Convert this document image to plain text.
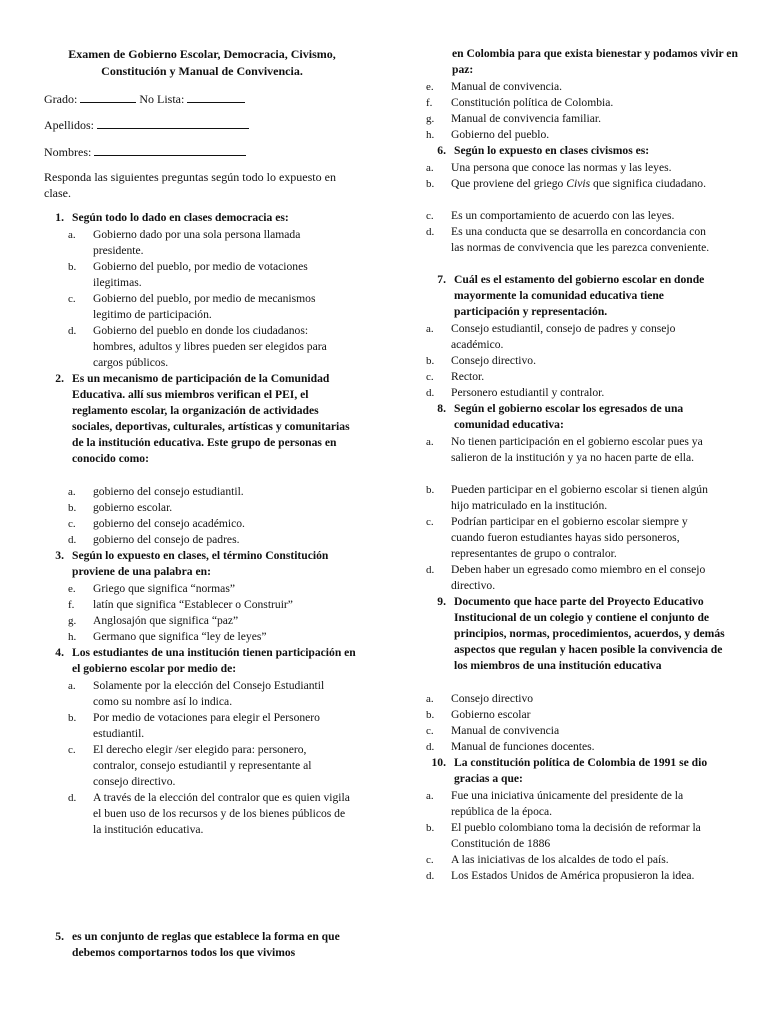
Examen de Gobierno Escolar, Democracia, Civismo,
Constitución y Manual de Convivencia.
Grado:	No Lista:
Apellidos:
Nombres:
Responda las siguientes preguntas según todo lo expuesto en clase.
1. Según todo lo dado en clases democracia es:
a.	Gobierno dado por una sola persona llamada presidente.
b.	Gobierno del pueblo, por medio de votaciones ilegitimas.
c.	Gobierno del pueblo, por medio de mecanismos legitimo de participación.
d.	Gobierno del pueblo en donde los ciudadanos: hombres, adultos y libres pueden ser elegidos para cargos públicos.
2. Es un mecanismo de participación de la Comunidad Educativa. allí sus miembros verifican el PEI, el reglamento escolar, la organización de actividades sociales, deportivas, culturales, artísticas y comunitarias de la institución educativa. Este grupo de personas en conocido como:
a.	gobierno del consejo estudiantil.
b.	gobierno escolar.
c.	gobierno del consejo académico.
d.	gobierno del consejo de padres.
3. Según lo expuesto en clases, el término Constitución proviene de una palabra en:
e.	Griego que significa “normas”
f.	latín que significa “Establecer o Construir”
g.	Anglosajón que significa “paz”
h.	Germano que significa “ley de leyes”
4. Los estudiantes de una institución tienen participación en el gobierno escolar por medio de:
a.	Solamente por la elección del Consejo Estudiantil como su nombre así lo indica.
b.	Por medio de votaciones para elegir el Personero estudiantil.
c.	El derecho elegir /ser elegido para: personero, contralor, consejo estudiantil y representante al consejo directivo.
d.	A través de la elección del contralor que es quien vigila el buen uso de los recursos y de los bienes públicos de la institución educativa.
5. es un conjunto de reglas que establece la forma en que debemos comportarnos todos los que vivimos
en Colombia para que exista bienestar y podamos vivir en paz:
e.	Manual de convivencia.
f.	Constitución política de Colombia.
g.	Manual de convivencia familiar.
h.	Gobierno del pueblo.
6. Según lo expuesto en clases civismos es:
a.	Una persona que conoce las normas y las leyes.
b.	Que proviene del griego Civis que significa ciudadano.
c.	Es un comportamiento de acuerdo con las leyes.
d.	Es una conducta que se desarrolla en concordancia con las normas de convivencia que les parezca conveniente.
7. Cuál es el estamento del gobierno escolar en donde mayormente la comunidad educativa tiene participación y representación.
a.	Consejo estudiantil, consejo de padres y consejo académico.
b.	Consejo directivo.
c.	Rector.
d.	Personero estudiantil y contralor.
8. Según el gobierno escolar los egresados de una comunidad educativa:
a.	No tienen participación en el gobierno escolar pues ya salieron de la institución y ya no hacen parte de ella.
b.	Pueden participar en el gobierno escolar si tienen algún hijo matriculado en la institución.
c.	Podrían participar en el gobierno escolar siempre y cuando fueron estudiantes hayas sido personeros, representantes de grupo o contralor.
d.	Deben haber un egresado como miembro en el consejo directivo.
9. Documento que hace parte del Proyecto Educativo Institucional de un colegio y contiene el conjunto de principios, normas, procedimientos, acuerdos, y demás aspectos que regulan y hacen posible la convivencia de los miembros de una institución educativa
a.	Consejo directivo
b.	Gobierno escolar
c.	Manual de convivencia
d.	Manual de funciones docentes.
10. La constitución política de Colombia de 1991 se dio gracias a que:
a.	Fue una iniciativa únicamente del presidente de la república de la época.
b.	El pueblo colombiano toma la decisión de reformar la Constitución de 1886
c.	A las iniciativas de los alcaldes de todo el país.
d.	Los Estados Unidos de América propusieron la idea.
